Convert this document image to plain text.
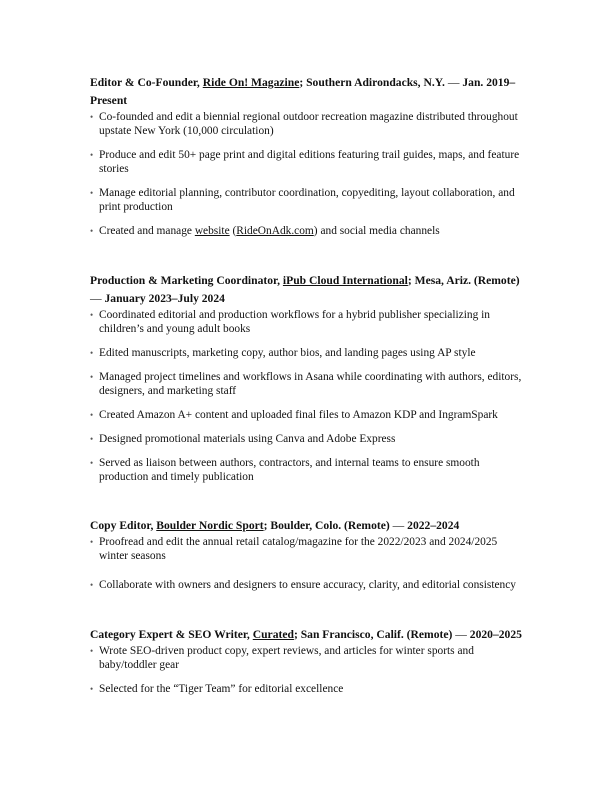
Editor & Co-Founder, Ride On! Magazine; Southern Adirondacks, N.Y. — Jan. 2019–Present

• Co-founded and edit a biennial regional outdoor recreation magazine distributed throughout upstate New York (10,000 circulation)
• Produce and edit 50+ page print and digital editions featuring trail guides, maps, and feature stories
• Manage editorial planning, contributor coordination, copyediting, layout collaboration, and print production
• Created and manage website (RideOnAdk.com) and social media channels

Production & Marketing Coordinator, iPub Cloud International; Mesa, Ariz. (Remote) — January 2023–July 2024

• Coordinated editorial and production workflows for a hybrid publisher specializing in children’s and young adult books
• Edited manuscripts, marketing copy, author bios, and landing pages using AP style
• Managed project timelines and workflows in Asana while coordinating with authors, editors, designers, and marketing staff
• Created Amazon A+ content and uploaded final files to Amazon KDP and IngramSpark
• Designed promotional materials using Canva and Adobe Express
• Served as liaison between authors, contractors, and internal teams to ensure smooth production and timely publication

Copy Editor, Boulder Nordic Sport; Boulder, Colo. (Remote) — 2022–2024

• Proofread and edit the annual retail catalog/magazine for the 2022/2023 and 2024/2025 winter seasons
• Collaborate with owners and designers to ensure accuracy, clarity, and editorial consistency

Category Expert & SEO Writer, Curated; San Francisco, Calif. (Remote) — 2020–2025

• Wrote SEO-driven product copy, expert reviews, and articles for winter sports and baby/toddler gear
• Selected for the “Tiger Team” for editorial excellence
